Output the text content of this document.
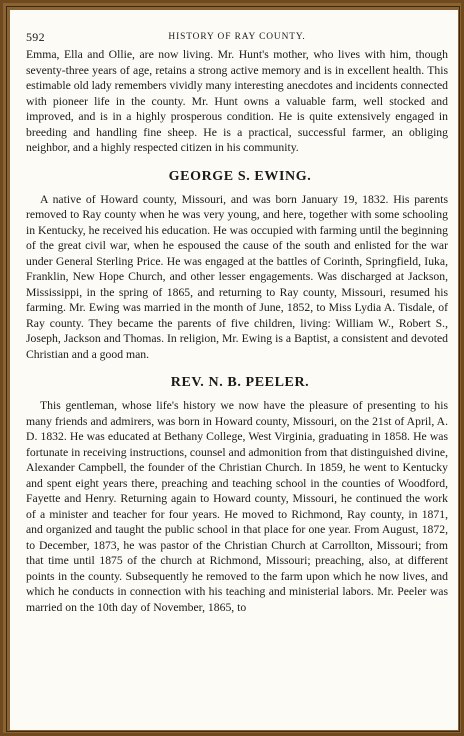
592	HISTORY OF RAY COUNTY.

Emma, Ella and Ollie, are now living. Mr. Hunt's mother, who lives with him, though seventy-three years of age, retains a strong active memory and is in excellent health. This estimable old lady remembers vividly many interesting anecdotes and incidents connected with pioneer life in the county. Mr. Hunt owns a valuable farm, well stocked and improved, and is in a highly prosperous condition. He is quite extensively engaged in breeding and handling fine sheep. He is a practical, successful farmer, an obliging neighbor, and a highly respected citizen in his community.

GEORGE S. EWING.

A native of Howard county, Missouri, and was born January 19, 1832. His parents removed to Ray county when he was very young, and here, together with some schooling in Kentucky, he received his education. He was occupied with farming until the beginning of the great civil war, when he espoused the cause of the south and enlisted for the war under General Sterling Price. He was engaged at the battles of Corinth, Springfield, Iuka, Franklin, New Hope Church, and other lesser engagements. Was discharged at Jackson, Mississippi, in the spring of 1865, and returning to Ray county, Missouri, resumed his farming. Mr. Ewing was married in the month of June, 1852, to Miss Lydia A. Tisdale, of Ray county. They became the parents of five children, living: William W., Robert S., Joseph, Jackson and Thomas. In religion, Mr. Ewing is a Baptist, a consistent and devoted Christian and a good man.

REV. N. B. PEELER.

This gentleman, whose life's history we now have the pleasure of presenting to his many friends and admirers, was born in Howard county, Missouri, on the 21st of April, A. D. 1832. He was educated at Bethany College, West Virginia, graduating in 1858. He was fortunate in receiving instructions, counsel and admonition from that distinguished divine, Alexander Campbell, the founder of the Christian Church. In 1859, he went to Kentucky and spent eight years there, preaching and teaching school in the counties of Woodford, Fayette and Henry. Returning again to Howard county, Missouri, he continued the work of a minister and teacher for four years. He moved to Richmond, Ray county, in 1871, and organized and taught the public school in that place for one year. From August, 1872, to December, 1873, he was pastor of the Christian Church at Carrollton, Missouri; from that time until 1875 of the church at Richmond, Missouri; preaching, also, at different points in the county. Subsequently he removed to the farm upon which he now lives, and which he conducts in connection with his teaching and ministerial labors. Mr. Peeler was married on the 10th day of November, 1865, to
